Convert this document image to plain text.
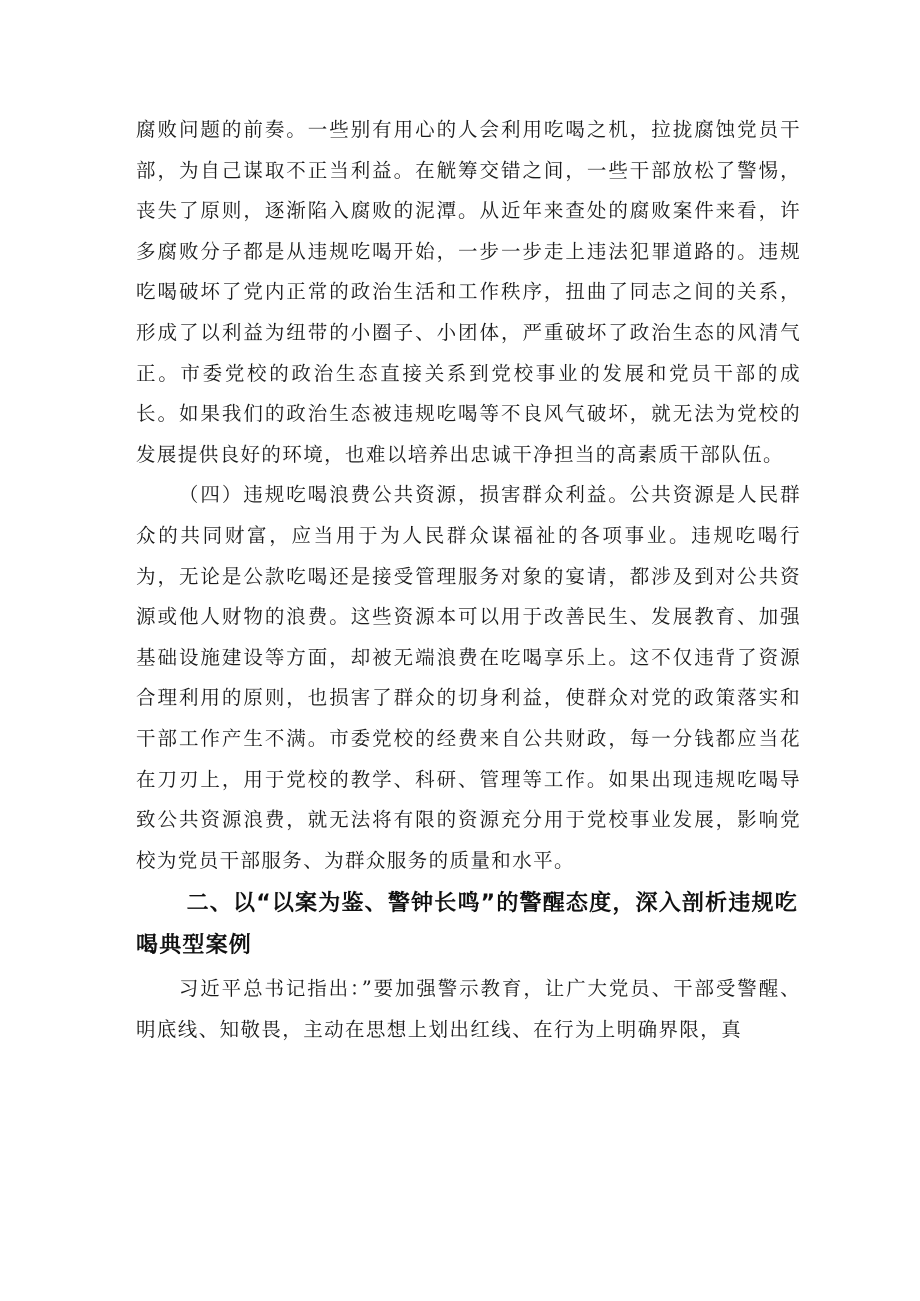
腐败问题的前奏。一些别有用心的人会利用吃喝之机，拉拢腐蚀党员干部，为自己谋取不正当利益。在觥筹交错之间，一些干部放松了警惕，丧失了原则，逐渐陷入腐败的泥潭。从近年来查处的腐败案件来看，许多腐败分子都是从违规吃喝开始，一步一步走上违法犯罪道路的。违规吃喝破坏了党内正常的政治生活和工作秩序，扭曲了同志之间的关系，形成了以利益为纽带的小圈子、小团体，严重破坏了政治生态的风清气正。市委党校的政治生态直接关系到党校事业的发展和党员干部的成长。如果我们的政治生态被违规吃喝等不良风气破坏，就无法为党校的发展提供良好的环境，也难以培养出忠诚干净担当的高素质干部队伍。

（四）违规吃喝浪费公共资源，损害群众利益。公共资源是人民群众的共同财富，应当用于为人民群众谋福祉的各项事业。违规吃喝行为，无论是公款吃喝还是接受管理服务对象的宴请，都涉及到对公共资源或他人财物的浪费。这些资源本可以用于改善民生、发展教育、加强基础设施建设等方面，却被无端浪费在吃喝享乐上。这不仅违背了资源合理利用的原则，也损害了群众的切身利益，使群众对党的政策落实和干部工作产生不满。市委党校的经费来自公共财政，每一分钱都应当花在刀刃上，用于党校的教学、科研、管理等工作。如果出现违规吃喝导致公共资源浪费，就无法将有限的资源充分用于党校事业发展，影响党校为党员干部服务、为群众服务的质量和水平。

二、以“以案为鉴、警钟长鸣”的警醒态度，深入剖析违规吃喝典型案例

习近平总书记指出：”要加强警示教育，让广大党员、干部受警醒、明底线、知敬畏，主动在思想上划出红线、在行为上明确界限，真
